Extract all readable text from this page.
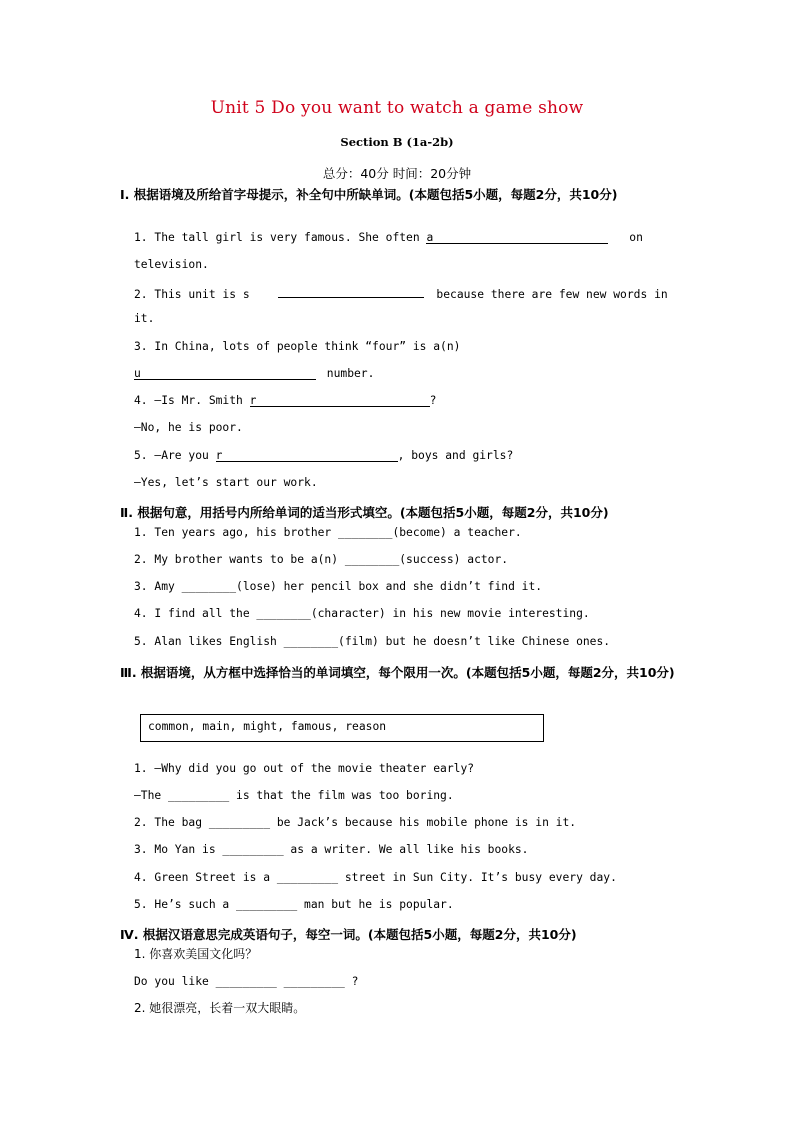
Unit 5 Do you want to watch a game show
Section B (1a-2b)
总分：40分 时间：20分钟
Ⅰ. 根据语境及所给首字母提示，补全句中所缺单词。(本题包括5小题，每题2分，共10分)
1. The tall girl is very famous. She often a	on
television.
2. This unit is s	because there are few new words in
it.
3. In China, lots of people think “four” is a(n)
u	number.
4. —Is Mr. Smith r	?
—No, he is poor.
5. —Are you r	, boys and girls?
—Yes, let’s start our work.
Ⅱ. 根据句意，用括号内所给单词的适当形式填空。(本题包括5小题，每题2分，共10分)
1. Ten years ago, his brother ________(become) a teacher.
2. My brother wants to be a(n) ________(success) actor.
3. Amy ________(lose) her pencil box and she didn’t find it.
4. I find all the ________(character) in his new movie interesting.
5. Alan likes English ________(film) but he doesn’t like Chinese ones.
Ⅲ. 根据语境，从方框中选择恰当的单词填空，每个限用一次。(本题包括5小题，每题2分，共10分)
common, main, might, famous, reason
1. —Why did you go out of the movie theater early?
—The _________ is that the film was too boring.
2. The bag _________ be Jack’s because his mobile phone is in it.
3. Mo Yan is _________ as a writer. We all like his books.
4. Green Street is a _________ street in Sun City. It’s busy every day.
5. He’s such a _________ man but he is popular.
Ⅳ. 根据汉语意思完成英语句子，每空一词。(本题包括5小题，每题2分，共10分)
1. 你喜欢美国文化吗？
Do you like _________ _________ ?
2. 她很漂亮，长着一双大眼睛。
